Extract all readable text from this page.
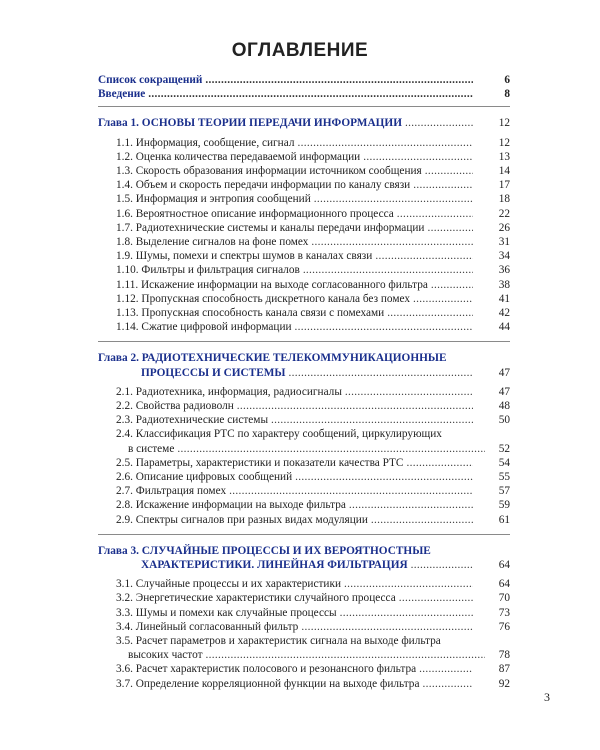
ОГЛАВЛЕНИЕ
Список сокращений .....	6
Введение .....	8
Глава 1. ОСНОВЫ ТЕОРИИ ПЕРЕДАЧИ ИНФОРМАЦИИ .....	12
1.1. Информация, сообщение, сигнал .....	12
1.2. Оценка количества передаваемой информации .....	13
1.3. Скорость образования информации источником сообщения .....	14
1.4. Объем и скорость передачи информации по каналу связи .....	17
1.5. Информация и энтропия сообщений .....	18
1.6. Вероятностное описание информационного процесса .....	22
1.7. Радиотехнические системы и каналы передачи информации .....	26
1.8. Выделение сигналов на фоне помех .....	31
1.9. Шумы, помехи и спектры шумов в каналах связи .....	34
1.10. Фильтры и фильтрация сигналов .....	36
1.11. Искажение информации на выходе согласованного фильтра .....	38
1.12. Пропускная способность дискретного канала без помех .....	41
1.13. Пропускная способность канала связи с помехами .....	42
1.14. Сжатие цифровой информации .....	44
Глава 2. РАДИОТЕХНИЧЕСКИЕ ТЕЛЕКОММУНИКАЦИОННЫЕ
ПРОЦЕССЫ И СИСТЕМЫ .....	47
2.1. Радиотехника, информация, радиосигналы .....	47
2.2. Свойства радиоволн .....	48
2.3. Радиотехнические системы .....	50
2.4. Классификация РТС по характеру сообщений, циркулирующих
в системе .....	52
2.5. Параметры, характеристики и показатели качества РТС .....	54
2.6. Описание цифровых сообщений .....	55
2.7. Фильтрация помех .....	57
2.8. Искажение информации на выходе фильтра .....	59
2.9. Спектры сигналов при разных видах модуляции .....	61
Глава 3. СЛУЧАЙНЫЕ ПРОЦЕССЫ И ИХ ВЕРОЯТНОСТНЫЕ
ХАРАКТЕРИСТИКИ. ЛИНЕЙНАЯ ФИЛЬТРАЦИЯ .....	64
3.1. Случайные процессы и их характеристики .....	64
3.2. Энергетические характеристики случайного процесса .....	70
3.3. Шумы и помехи как случайные процессы .....	73
3.4. Линейный согласованный фильтр .....	76
3.5. Расчет параметров и характеристик сигнала на выходе фильтра
высоких частот .....	78
3.6. Расчет характеристик полосового и резонансного фильтра .....	87
3.7. Определение корреляционной функции на выходе фильтра .....	92
3
